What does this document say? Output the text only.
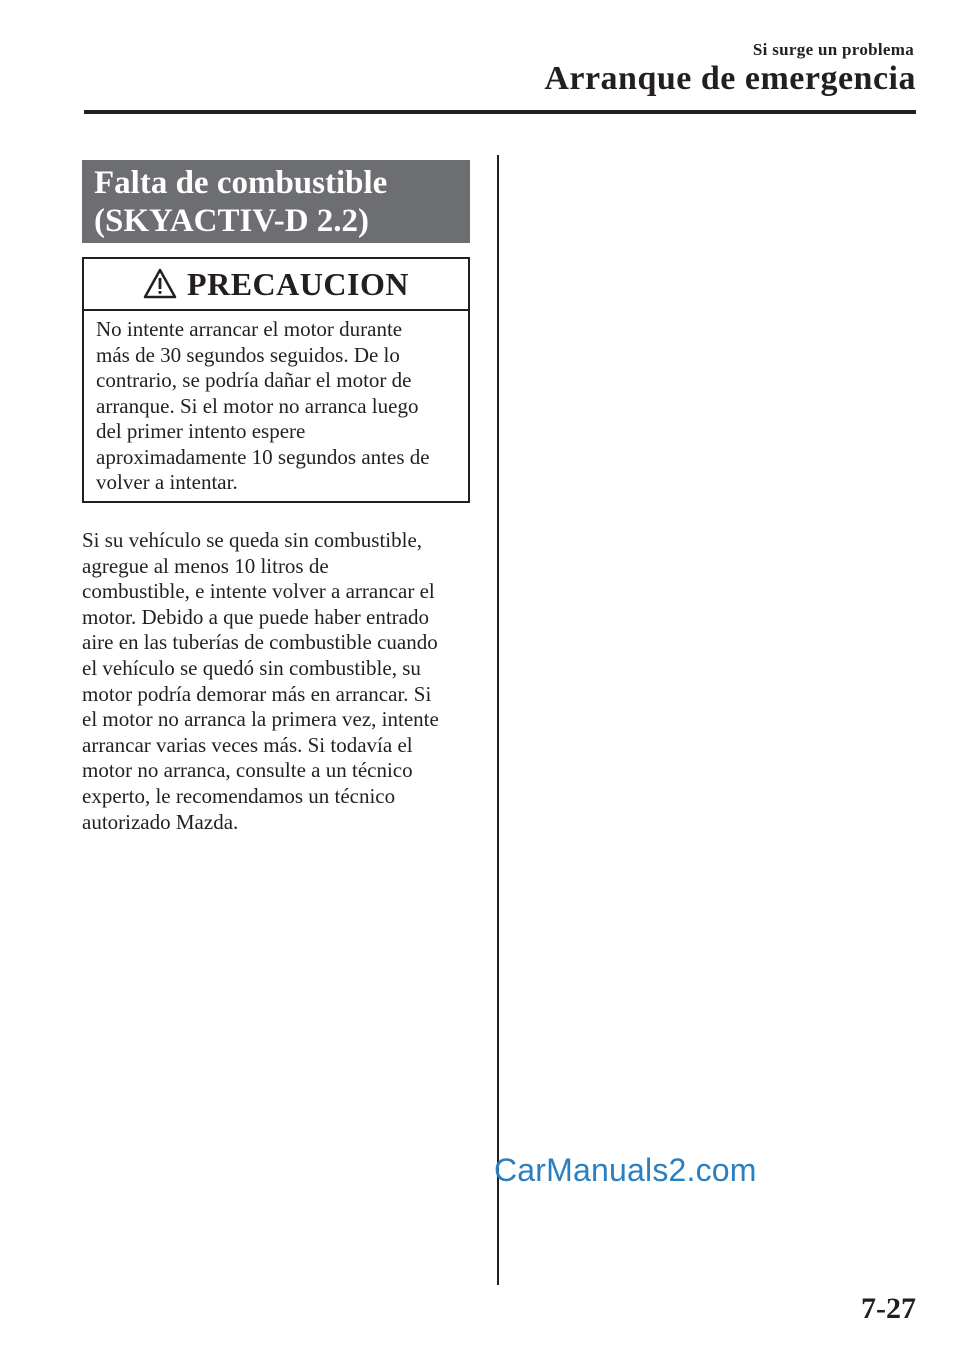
Si surge un problema
Arranque de emergencia
Falta de combustible
(SKYACTIV-D 2.2)
PRECAUCION
No intente arrancar el motor durante
más de 30 segundos seguidos. De lo
contrario, se podría dañar el motor de
arranque. Si el motor no arranca luego
del primer intento espere
aproximadamente 10 segundos antes de
volver a intentar.
Si su vehículo se queda sin combustible,
agregue al menos 10 litros de
combustible, e intente volver a arrancar el
motor. Debido a que puede haber entrado
aire en las tuberías de combustible cuando
el vehículo se quedó sin combustible, su
motor podría demorar más en arrancar. Si
el motor no arranca la primera vez, intente
arrancar varias veces más. Si todavía el
motor no arranca, consulte a un técnico
experto, le recomendamos un técnico
autorizado Mazda.
CarManuals2.com
7-27
